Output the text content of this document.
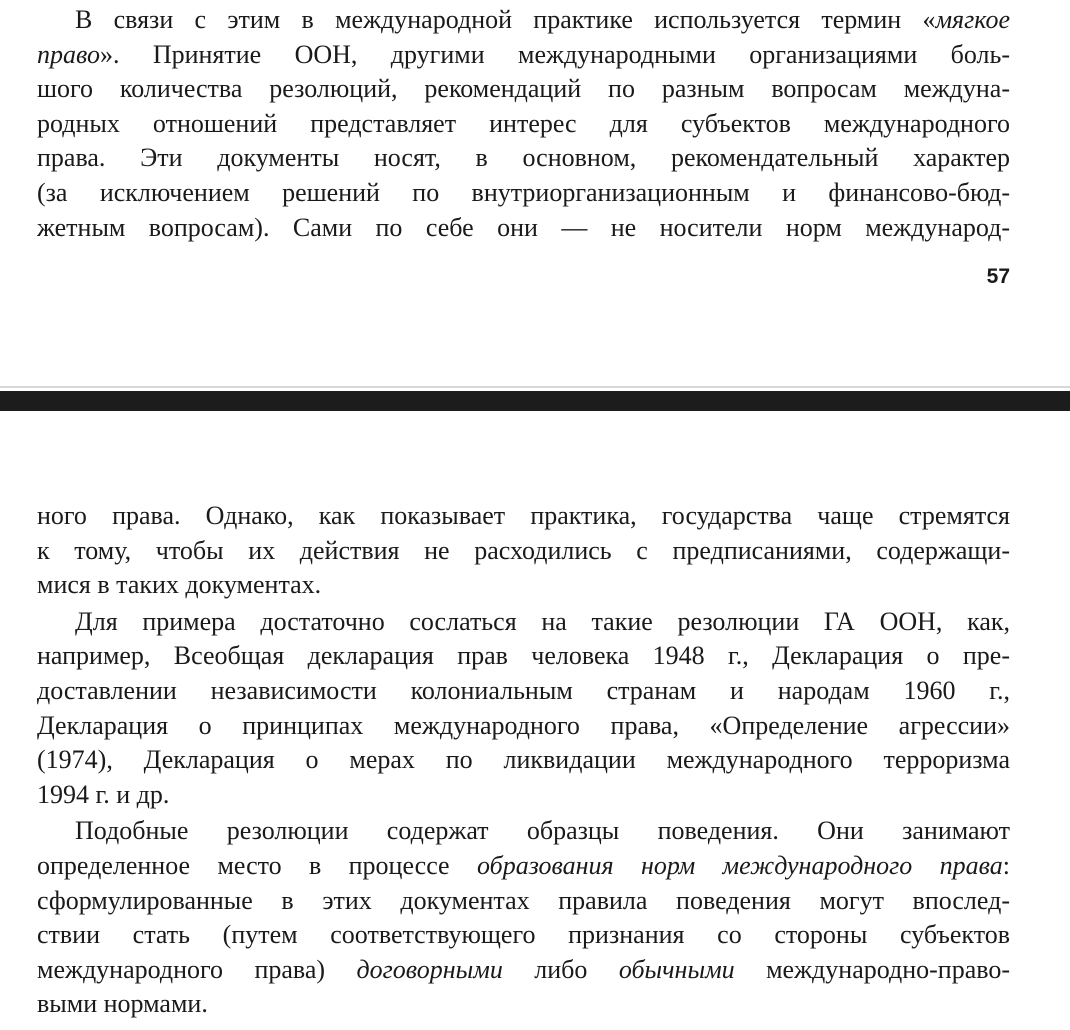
В связи с этим в международной практике используется термин «мягкое
право». Принятие ООН, другими международными организациями боль-
шого количества резолюций, рекомендаций по разным вопросам междуна-
родных отношений представляет интерес для субъектов международного
права. Эти документы носят, в основном, рекомендательный характер
(за исключением решений по внутриорганизационным и финансово-бюд-
жетным вопросам). Сами по себе они — не носители норм международ-
57
ного права. Однако, как показывает практика, государства чаще стремятся
к тому, чтобы их действия не расходились с предписаниями, содержащи-
мися в таких документах.
Для примера достаточно сослаться на такие резолюции ГА ООН, как,
например, Всеобщая декларация прав человека 1948 г., Декларация о пре-
доставлении независимости колониальным странам и народам 1960 г.,
Декларация о принципах международного права, «Определение агрессии»
(1974), Декларация о мерах по ликвидации международного терроризма
1994 г. и др.
Подобные резолюции содержат образцы поведения. Они занимают
определенное место в процессе образования норм международного права:
сформулированные в этих документах правила поведения могут впослед-
ствии стать (путем соответствующего признания со стороны субъектов
международного права) договорными либо обычными международно-право-
выми нормами.
